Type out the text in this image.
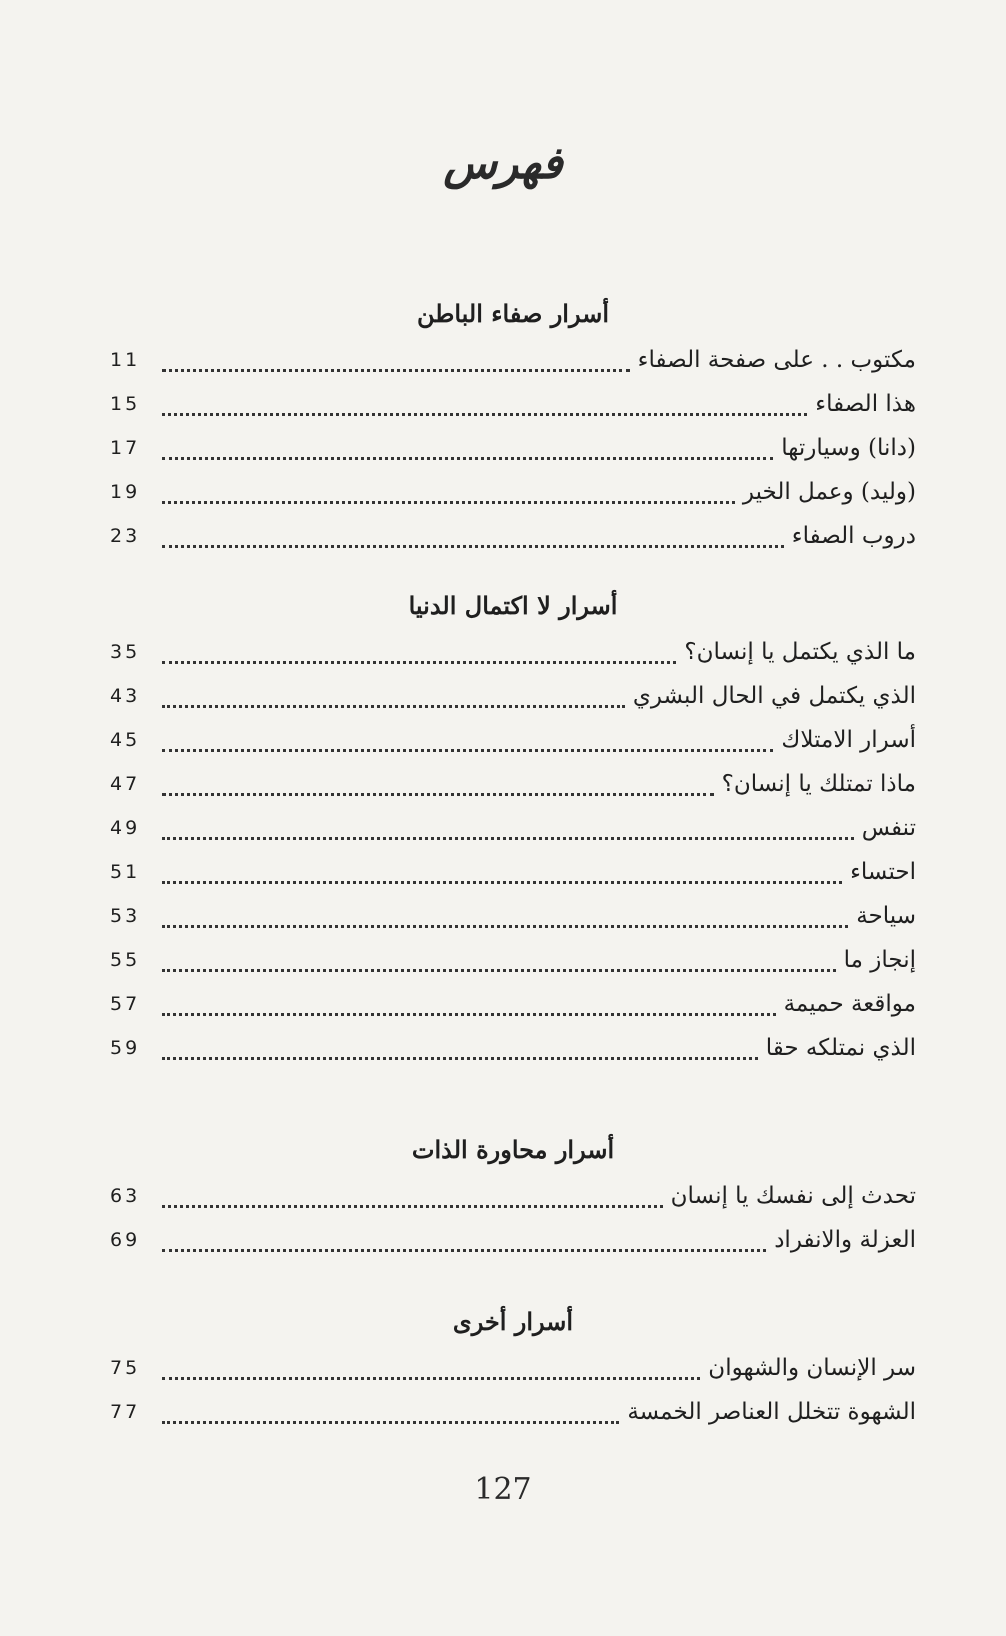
فهرس
أسرار صفاء الباطن
مكتوب . . على صفحة الصفاء
11
هذا الصفاء
15
(دانا) وسيارتها
17
(وليد) وعمل الخير
19
دروب الصفاء
23
أسرار لا اكتمال الدنيا
ما الذي يكتمل يا إنسان؟
35
الذي يكتمل في الحال البشري
43
أسرار الامتلاك
45
ماذا تمتلك يا إنسان؟
47
تنفس
49
احتساء
51
سياحة
53
إنجاز ما
55
مواقعة حميمة
57
الذي نمتلكه حقا
59
أسرار محاورة الذات
تحدث إلى نفسك يا إنسان
63
العزلة والانفراد
69
أسرار أخرى
سر الإنسان والشهوان
75
الشهوة تتخلل العناصر الخمسة
77
127
